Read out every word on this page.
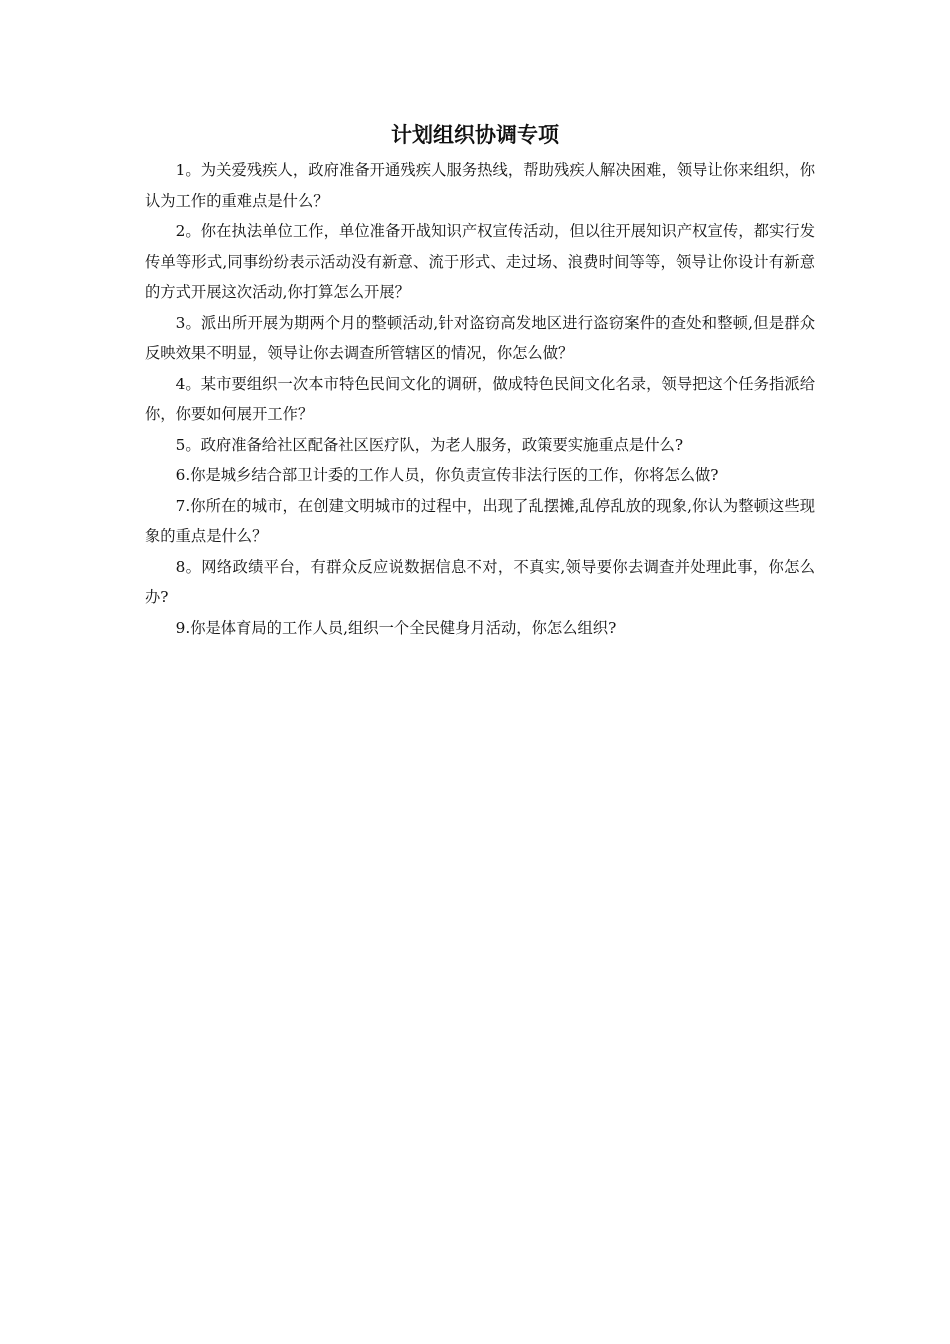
计划组织协调专项

1。为关爱残疾人，政府准备开通残疾人服务热线，帮助残疾人解决困难，领导让你来组织，你认为工作的重难点是什么？

2。你在执法单位工作，单位准备开战知识产权宣传活动，但以往开展知识产权宣传，都实行发传单等形式,同事纷纷表示活动没有新意、流于形式、走过场、浪费时间等等，领导让你设计有新意的方式开展这次活动,你打算怎么开展？

3。派出所开展为期两个月的整顿活动,针对盗窃高发地区进行盗窃案件的查处和整顿,但是群众反映效果不明显，领导让你去调查所管辖区的情况，你怎么做？

4。某市要组织一次本市特色民间文化的调研，做成特色民间文化名录，领导把这个任务指派给你，你要如何展开工作？

5。政府准备给社区配备社区医疗队，为老人服务，政策要实施重点是什么?

6.你是城乡结合部卫计委的工作人员，你负责宣传非法行医的工作，你将怎么做?

7.你所在的城市，在创建文明城市的过程中，出现了乱摆摊,乱停乱放的现象,你认为整顿这些现象的重点是什么？

8。网络政绩平台，有群众反应说数据信息不对，不真实,领导要你去调查并处理此事，你怎么办?

9.你是体育局的工作人员,组织一个全民健身月活动，你怎么组织?
